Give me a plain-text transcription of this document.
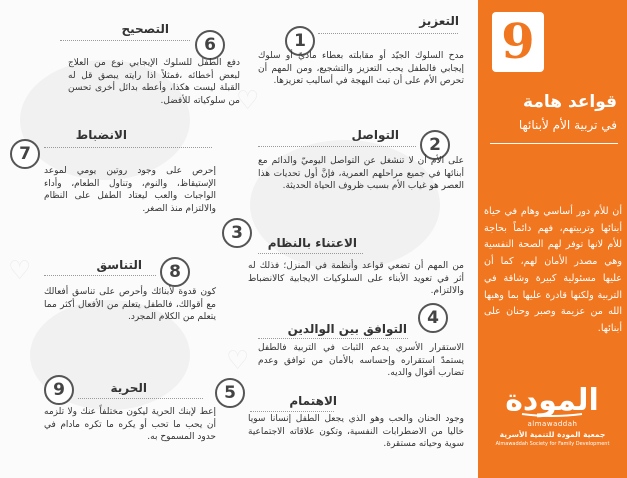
♡
♡
♡
1
التعزيز
مدح السلوك الجيّد أو مقابلته بعطاء ماديّ أو سلوك إيجابي فالطفل يحب التعزيز والتشجيع، ومن المهم أن تحرص الأم على أن تبث البهجة في أساليب تعزيزها.
2
التواصل
على الأم أن لا تنشغل عن التواصل اليوميّ والدائم مع أبنائها في جميع مراحلهم العمرية، فإنَّ أول تحديات هذا العصر هو غياب الأم بسبب ظروف الحياة الحديثة.
3	الاعتناء بالنظام
من المهم أن تضعي قواعد وأنظمة في المنزل؛ فذلك له أثر في تعويد الأبناء على السلوكيات الايجابية كالانضباط والالتزام.
4
التوافق بين الوالدين
الاستقرار الأسري يدعم الثبات في التربية فالطفل يستمدّ استقراره وإحساسه بالأمان من توافق وعدم تضارب أقوال والديه.
5	الاهتمام
وجود الحنان والحب وهو الذي يجعل الطفل إنسانا سويا خاليا من الاضطرابات النفسية، وتكون علاقاته الاجتماعية سوية وحياته مستقرة.
6
التصحيح
دفع الطفل للسلوك الإيجابي نوع من العلاج لبعض أخطائه ،فمثلاً اذا رايته يبصق قل له القبلة ليست هكذا، وأعطه بدائل أخرى تحسن من سلوكياته للأفضل.
7
الانضباط
إحرص على وجود روتين يومي لموعد الإستيقاظ، والنوم، وتناول الطعام، وأداء الواجبات والعب ليعتاد الطفل على النظام والالتزام منذ الصغر.
8
التناسق
كون قدوة لأبنائك وأحرص على تناسق أفعالك مع أقوالك، فالطفل يتعلم من الأفعال أكثر مما يتعلم من الكلام المجرد.
9	الحرية
إعط لإبنك الحرية ليكون مختلفاً عنك ولا تلزمه أن يحب ما تحب أو يكره ما تكره مادام في حدود المسموح به.
9
قواعد هامة
في تربية الأم لأبنائها
أن للأم دور أساسي وهام في حياة أبنائها وتربيتهم، فهم دائماً بحاجة للأم لانها توفر لهم الصحة النفسية وهي مصدر الأمان لهم، كما أن عليها مسئولية كبيرة وشاقة في التربية ولكنها قادرة عليها بما وهبها الله من عزيمة وصبر وحنان على أبنائها.
المودة
almawaddah
جمعية المودة للتنمية الأسرية
Almawaddah Society for Family Development
